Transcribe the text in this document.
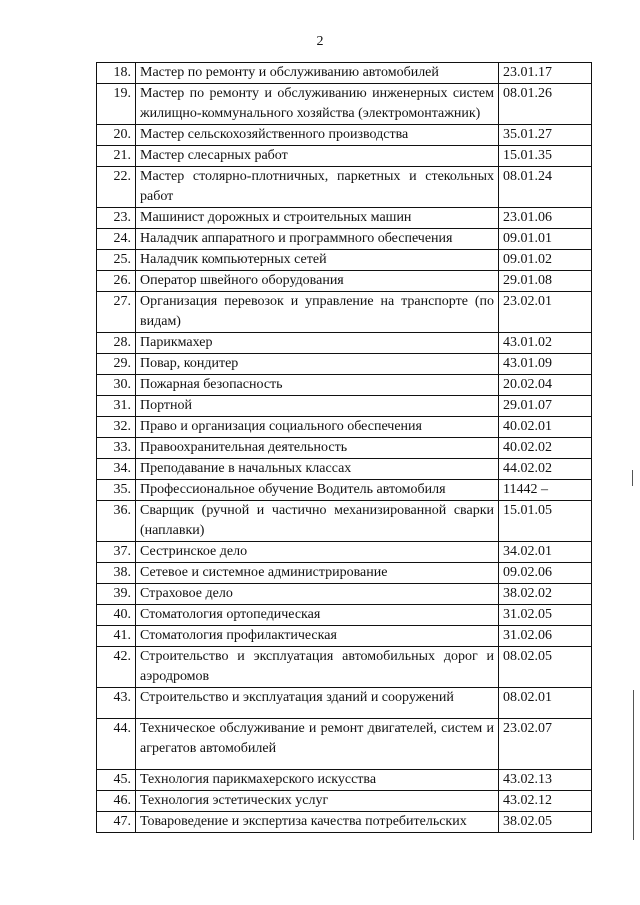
2
18.	Мастер по ремонту и обслуживанию автомобилей	23.01.17
19.	Мастер по ремонту и обслуживанию инженерных систем жилищно-коммунального хозяйства (электромонтажник)	08.01.26
20.	Мастер сельскохозяйственного производства	35.01.27
21.	Мастер слесарных работ	15.01.35
22.	Мастер столярно-плотничных, паркетных и стекольных работ	08.01.24
23.	Машинист дорожных и строительных машин	23.01.06
24.	Наладчик аппаратного и программного обеспечения	09.01.01
25.	Наладчик компьютерных сетей	09.01.02
26.	Оператор швейного оборудования	29.01.08
27.	Организация перевозок и управление на транспорте (по видам)	23.02.01
28.	Парикмахер	43.01.02
29.	Повар, кондитер	43.01.09
30.	Пожарная безопасность	20.02.04
31.	Портной	29.01.07
32.	Право и организация социального обеспечения	40.02.01
33.	Правоохранительная деятельность	40.02.02
34.	Преподавание в начальных классах	44.02.02
35.	Профессиональное обучение Водитель автомобиля	11442 –
36.	Сварщик (ручной и частично механизированной сварки (наплавки)	15.01.05
37.	Сестринское дело	34.02.01
38.	Сетевое и системное администрирование	09.02.06
39.	Страховое дело	38.02.02
40.	Стоматология ортопедическая	31.02.05
41.	Стоматология профилактическая	31.02.06
42.	Строительство и эксплуатация автомобильных дорог и аэродромов	08.02.05
43.	Строительство и эксплуатация зданий и сооружений	08.02.01
44.	Техническое обслуживание и ремонт двигателей, систем и агрегатов автомобилей	23.02.07
45.	Технология парикмахерского искусства	43.02.13
46.	Технология эстетических услуг	43.02.12
47.	Товароведение и экспертиза качества потребительских	38.02.05
